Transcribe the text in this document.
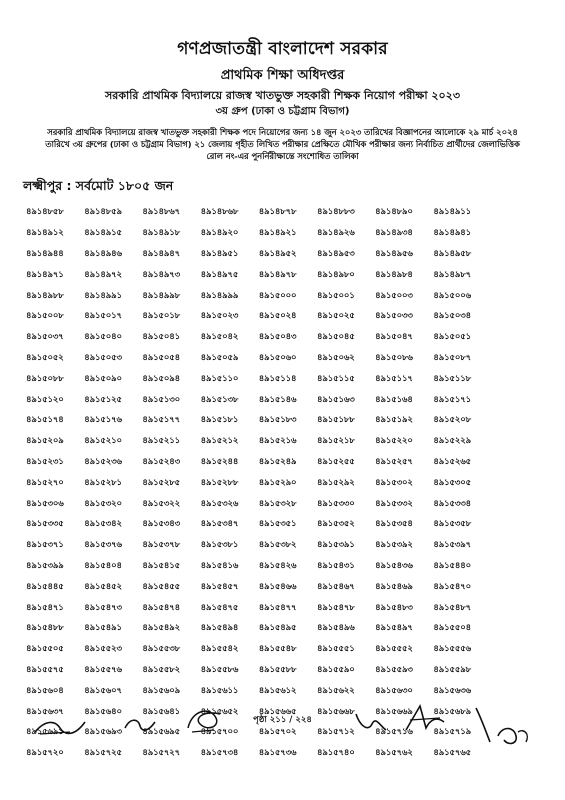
গণপ্রজাতন্ত্রী বাংলাদেশ সরকার
প্রাথমিক শিক্ষা অধিদপ্তর
সরকারি প্রাথমিক বিদ্যালয়ে রাজস্ব খাতভুক্ত সহকারী শিক্ষক নিয়োগ পরীক্ষা ২০২৩
৩য় গ্রুপ (ঢাকা ও চট্টগ্রাম বিভাগ)
সরকারি প্রাথমিক বিদ্যালয়ে রাজস্ব খাতভুক্ত সহকারী শিক্ষক পদে নিয়োগের জন্য ১৪ জুন ২০২৩ তারিখের বিজ্ঞাপনের আলোকে ২৯ মার্চ ২০২৪ তারিখে ৩য় গ্রুপের (ঢাকা ও চট্টগ্রাম বিভাগ) ২১ জেলায় গৃহীত লিখিত পরীক্ষার প্রেক্ষিতে মৌখিক পরীক্ষার জন্য নির্বাচিত প্রার্থীদের জেলাভিত্তিক রোল নং-এর পুনর্নিরীক্ষান্তে সংশোধিত তালিকা
লক্ষ্মীপুর : সর্বমোট ১৮০৫ জন
৪৯১৪৮৫৮	৪৯১৪৮৫৯	৪৯১৪৮৬৭	৪৯১৪৮৬৮	৪৯১৪৮৭৮	৪৯১৪৮৮৩	৪৯১৪৮৯০	৪৯১৪৯১১
৪৯১৪৯১২	৪৯১৪৯১৫	৪৯১৪৯১৮	৪৯১৪৯২০	৪৯১৪৯২১	৪৯১৪৯২৬	৪৯১৪৯৩৪	৪৯১৪৯৪১
৪৯১৪৯৪৪	৪৯১৪৯৪৬	৪৯১৪৯৪৭	৪৯১৪৯৫১	৪৯১৪৯৫২	৪৯১৪৯৫৩	৪৯১৪৯৫৬	৪৯১৪৯৫৮
৪৯১৪৯৭১	৪৯১৪৯৭২	৪৯১৪৯৭৩	৪৯১৪৯৭৫	৪৯১৪৯৭৮	৪৯১৪৯৮০	৪৯১৪৯৮৪	৪৯১৪৯৮৭
৪৯১৪৯৮৮	৪৯১৪৯৯১	৪৯১৪৯৯৮	৪৯১৪৯৯৯	৪৯১৫০০০	৪৯১৫০০১	৪৯১৫০০৩	৪৯১৫০০৬
৪৯১৫০০৮	৪৯১৫০১৭	৪৯১৫০১৮	৪৯১৫০২৩	৪৯১৫০২৪	৪৯১৫০২৫	৪৯১৫০৩৩	৪৯১৫০৩৪
৪৯১৫০৩৭	৪৯১৫০৪০	৪৯১৫০৪১	৪৯১৫০৪২	৪৯১৫০৪৩	৪৯১৫০৪৫	৪৯১৫০৪৭	৪৯১৫০৫১
৪৯১৫০৫২	৪৯১৫০৫৩	৪৯১৫০৫৪	৪৯১৫০৫৯	৪৯১৫০৬০	৪৯১৫০৬২	৪৯১৫০৮৬	৪৯১৫০৮৭
৪৯১৫০৮৮	৪৯১৫০৯০	৪৯১৫০৯৪	৪৯১৫১১০	৪৯১৫১১৪	৪৯১৫১১৫	৪৯১৫১১৭	৪৯১৫১১৮
৪৯১৫১২০	৪৯১৫১২৫	৪৯১৫১৩০	৪৯১৫১৩৮	৪৯১৫১৪৬	৪৯১৫১৬৩	৪৯১৫১৬৪	৪৯১৫১৭১
৪৯১৫১৭৪	৪৯১৫১৭৬	৪৯১৫১৭৭	৪৯১৫১৮১	৪৯১৫১৮৩	৪৯১৫১৮৮	৪৯১৫১৯২	৪৯১৫২০৮
৪৯১৫২০৯	৪৯১৫২১০	৪৯১৫২১১	৪৯১৫২১২	৪৯১৫২১৬	৪৯১৫২১৮	৪৯১৫২২০	৪৯১৫২২৯
৪৯১৫২৩১	৪৯১৫২৩৬	৪৯১৫২৪৩	৪৯১৫২৪৪	৪৯১৫২৪৯	৪৯১৫২৫৫	৪৯১৫২৫৭	৪৯১৫২৬৫
৪৯১৫২৭০	৪৯১৫২৮১	৪৯১৫২৮৫	৪৯১৫২৮৮	৪৯১৫২৯০	৪৯১৫২৯২	৪৯১৫৩০২	৪৯১৫৩০৫
৪৯১৫৩০৬	৪৯১৫৩২০	৪৯১৫৩২২	৪৯১৫৩২৬	৪৯১৫৩২৮	৪৯১৫৩৩০	৪৯১৫৩৩২	৪৯১৫৩৩৪
৪৯১৫৩৩৫	৪৯১৫৩৪২	৪৯১৫৩৪৩	৪৯১৫৩৪৭	৪৯১৫৩৫১	৪৯১৫৩৫২	৪৯১৫৩৫৪	৪৯১৫৩৫৮
৪৯১৫৩৭১	৪৯১৫৩৭৬	৪৯১৫৩৭৮	৪৯১৫৩৮১	৪৯১৫৩৮২	৪৯১৫৩৯১	৪৯১৫৩৯২	৪৯১৫৩৯৭
৪৯১৫৩৯৯	৪৯১৫৪০৪	৪৯১৫৪১৫	৪৯১৫৪১৬	৪৯১৫৪২৬	৪৯১৫৪৩১	৪৯১৫৪৩৬	৪৯১৫৪৪০
৪৯১৫৪৪৫	৪৯১৫৪৫২	৪৯১৫৪৫৫	৪৯১৫৪৫৭	৪৯১৫৪৬৬	৪৯১৫৪৬৭	৪৯১৫৪৬৯	৪৯১৫৪৭০
৪৯১৫৪৭১	৪৯১৫৪৭৩	৪৯১৫৪৭৪	৪৯১৫৪৭৫	৪৯১৫৪৭৭	৪৯১৫৪৭৮	৪৯১৫৪৮৩	৪৯১৫৪৮৭
৪৯১৫৪৮৮	৪৯১৫৪৯১	৪৯১৫৪৯২	৪৯১৫৪৯৪	৪৯১৫৪৯৫	৪৯১৫৪৯৬	৪৯১৫৪৯৭	৪৯১৫৫০৪
৪৯১৫৫০৫	৪৯১৫৫২৩	৪৯১৫৫৩৮	৪৯১৫৫৪২	৪৯১৫৫৪৮	৪৯১৫৫৫১	৪৯১৫৫৫২	৪৯১৫৫৫৬
৪৯১৫৫৭৫	৪৯১৫৫৭৬	৪৯১৫৫৮২	৪৯১৫৫৮৬	৪৯১৫৫৮৮	৪৯১৫৫৯০	৪৯১৫৫৯৩	৪৯১৫৫৯৮
৪৯১৫৬০৪	৪৯১৫৬০৭	৪৯১৫৬০৯	৪৯১৫৬১১	৪৯১৫৬১২	৪৯১৫৬২২	৪৯১৫৬৩০	৪৯১৫৬৩৬
৪৯১৫৬৩৭	৪৯১৫৬৪০	৪৯১৫৬৪১	৪৯১৫৬৫২	৪৯১৫৬৬৫	৪৯১৫৬৬৮	৪৯১৫৬৬৯	৪৯১৫৬৮৯
৪৯১৫৬৯১	৪৯১৫৬৯৩	৪৯১৫৬৯৫	৪৯১৫৭০০	৪৯১৫৭০২	৪৯১৫৭১২	৪৯১৫৭১৬	৪৯১৫৭১৯
৪৯১৫৭২০	৪৯১৫৭২৫	৪৯১৫৭২৭	৪৯১৫৭৩৪	৪৯১৫৭৩৬	৪৯১৫৭৪০	৪৯১৫৭৬২	৪৯১৫৭৬৫
পৃষ্ঠা ২১১ / ২২৪
